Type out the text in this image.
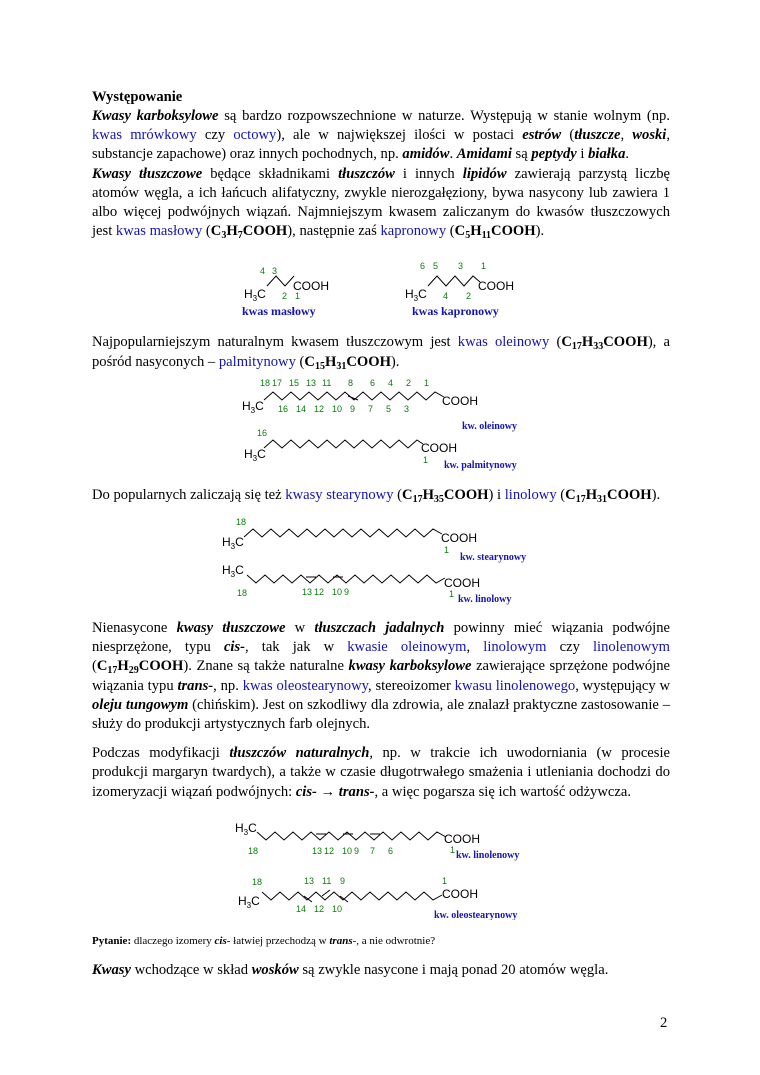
Występowanie

Kwasy karboksylowe są bardzo rozpowszechnione w naturze. Występują w stanie wolnym (np. kwas mrówkowy czy octowy), ale w największej ilości w postaci estrów (tłuszcze, woski, substancje zapachowe) oraz innych pochodnych, np. amidów. Amidami są peptydy i białka.

Kwasy tłuszczowe będące składnikami tłuszczów i innych lipidów zawierają parzystą liczbę atomów węgla, a ich łańcuch alifatyczny, zwykle nierozgałęziony, bywa nasycony lub zawiera 1 albo więcej podwójnych wiązań. Najmniejszym kwasem zaliczanym do kwasów tłuszczowych jest kwas masłowy $(C_3H_7COOH)$, następnie zaś kapronowy $(C_5H_{11}COOH)$.

$H_3C$
COOH
4 3
2 1
kwas masłowy
$H_3C$
COOH
6 5 3 1
4 2
kwas kapronowy

Najpopularniejszym naturalnym kwasem tłuszczowym jest kwas oleinowy $(C_{17}H_{33}COOH)$, a pośród nasyconych – palmitynowy $(C_{15}H_{31}COOH)$.

$H_3C$	COOH
18 17 15 13 11 8 6 4 2 1
16 14 12 10 9 7 5 3
kw. oleinowy
16
$H_3C$	COOH
1 kw. palmitynowy

Do popularnych zaliczają się też kwasy stearynowy $(C_{17}H_{35}COOH)$ i linolowy $(C_{17}H_{31}COOH)$.

18
$H_3C$	COOH
1
kw. stearynowy
$H_3C$
18	13 12 10 9
COOH
1 kw. linolowy

Nienasycone kwasy tłuszczowe w tłuszczach jadalnych powinny mieć wiązania podwójne niesprzężone, typu cis-, tak jak w kwasie oleinowym, linolowym czy linolenowym $(C_{17}H_{29}COOH)$. Znane są także naturalne kwasy karboksylowe zawierające sprzężone podwójne wiązania typu trans-, np. kwas oleostearynowy, stereoizomer kwasu linolenowego, występujący w oleju tungowym (chińskim). Jest on szkodliwy dla zdrowia, ale znalazł praktyczne zastosowanie – służy do produkcji artystycznych farb olejnych.

Podczas modyfikacji tłuszczów naturalnych, np. w trakcie ich uwodorniania (w procesie produkcji margaryn twardych), a także w czasie długotrwałego smażenia i utleniania dochodzi do izomeryzacji wiązań podwójnych: cis- → trans-, a więc pogarsza się ich wartość odżywcza.

$H_3C$
18	13 12 10 9 7 6
COOH
1 kw. linolenowy
18
$H_3C$
13 11 9
14 12 10
1
COOH
kw. oleostearynowy

Pytanie: dlaczego izomery cis- łatwiej przechodzą w trans-, a nie odwrotnie?

Kwasy wchodzące w skład wosków są zwykle nasycone i mają ponad 20 atomów węgla.

2
